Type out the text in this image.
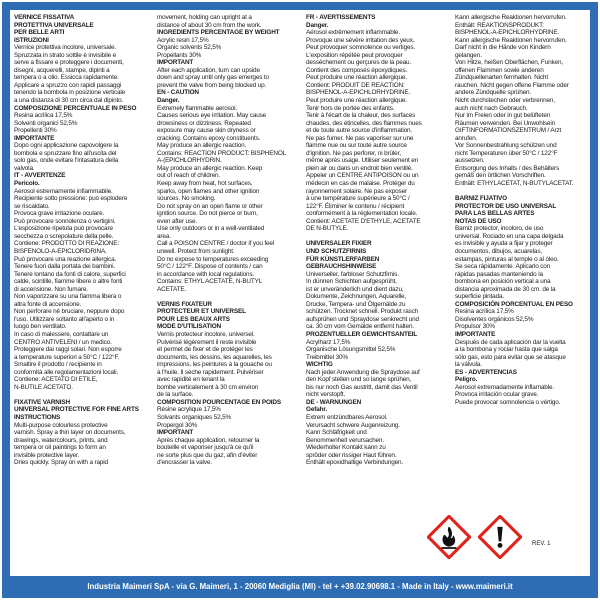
VERNICE FISSATIVA

PROTETTIVA UNIVERSALE

PER BELLE ARTI

ISTRUZIONI

Vernice protettiva incolore, universale.

Spruzzata in strato sottile è invisibile e

serve a fissare e proteggere i documenti,

disegni, acquerelli, stampe, dipinti a

tempera o a olio. Essicca rapidamente.

Applicare a spruzzo con rapidi passaggi

tenendo la bombola in posizione verticale

a una distanza di 30 cm circa dal dipinto.

COMPOSIZIONE PERCENTUALE IN PESO

Resina acrilica 17,5%

Solventi organici 52,5%

Propellenti 30%

IMPORTANTE

Dopo ogni applicazione capovolgere la

bombola e spruzzare fino all'uscita del

solo gas, onde evitare l'intasatura della

valvola.

IT - AVVERTENZE

Pericolo.

Aerosol estremamente infiammabile.

Recipiente sotto pressione: può esplodere

se riscaldato.

Provoca grave irritazione oculare.

Può provocare sonnolenza o vertigini.

L'esposizione ripetuta può provocare

secchezza o screpolature della pelle.

Contiene: PRODOTTO DI REAZIONE:

BISFENOLO-A-EPICLORIDRINA.

Può provocare una reazione allergica.

Tenere fuori dalla portata dei bambini.

Tenere lontano da fonti di calore, superfici

calde, scintille, fiamme libere o altre fonti

di accensione. Non fumare.

Non vaporizzare su una fiamma libera o

altra fonte di accensione.

Non perforare né bruciare, neppure dopo

l'uso. Utilizzare soltanto all'aperto o in

luogo ben ventilato.

In caso di malessere, contattare un

CENTRO ANTIVELENI / un medico.

Proteggere dai raggi solari. Non esporre

a temperature superiori a 50°C / 122°F.

Smaltire il prodotto / recipiente in

conformità alle regolamentazioni locali.

Contiene: ACETATO DI ETILE,

N-BUTILE ACETATO.

FIXATIVE VARNISH

UNIVERSAL PROTECTIVE FOR FINE ARTS

INSTRUCTIONS

Multi-purpose colourless protective

varnish. Spray a thin layer on documents,

drawings, watercolours, prints, and

tempera or oil paintings to form an

invisible protective layer.

Dries quickly. Spray on with a rapid

movement, holding can upright at a

distance of about 30 cm from the work.

INGREDIENTS PERCENTAGE BY WEIGHT

Acrylic resin 17,5%

Organic solvents 52,5%

Propellants 30%

IMPORTANT

After each application, turn can upside

down and spray until only gas emerges to

prevent the valve from being blocked up.

EN - CAUTION

Danger.

Extremely flammable aerosol.

Causes serious eye irritation. May cause

drowsiness or dizziness. Repeated

exposure may cause skin dryness or

cracking. Contains epoxy constituents.

May produce an allergic reaction.

Contains: REACTION PRODUCT: BISPHENOL

A-(EPICHLORHYDRIN.

May produce an allergic reaction. Keep

out of reach of children.

Keep away from heat, hot surfaces,

sparks, open flames and other ignition

sources. No smoking.

Do not spray on an open flame or other

ignition source. Do not pierce or burn,

even after use.

Use only outdoors or in a well-ventilated

area.

Call a POISON CENTRE / doctor if you feel

unwell. Protect from sunlight.

Do no expose to temperatures exceeding

50°C / 122°F. Dispose of contents / can

in accordance with local regulations.

Contains: ETHYL ACETATE, N-BUTYL

ACETATE.

VERNIS FIXATEUR

PROTECTEUR ET UNIVERSEL

POUR LES BEAUX ARTS

MODE D'UTILISATION

Vernis protecteur incolore, universel.

Pulvérisé légèrement il reste invisible

et permet de fixer et de protéger les

documents, les dessins, les aquarelles, les

impressions, les peintures à la gouache ou

à l'huile. Il sèche rapidement. Pulvériser

avec rapidité en tenant la

bombe verticalement à 30 cm environ

de la surface.

COMPOSITION POURCENTAGE EN POIDS

Résine acrylique 17,5%

Solvants organiques 52,5%

Propergol 30%

IMPORTANT

Après chaque application, retourner la

bouteille et vaporiser jusqu'à ce qu'il

ne sorte plus que du gaz, afin d'éviter

d'encrasser la valve.

FR - AVERTISSEMENTS

Danger.

Aérosol extrêmement inflammable.

Provoque une sévère irritation des yeux.

Peut provoquer somnolence ou vertiges.

L'exposition répétée peut provoquer

dessèchement ou gerçures de la peau.

Contient des composés époxydiques.

Peut produire une réaction allergique.

Contient: PRODUIT DE REACTION:

BISPHENOL-A-EPICHLORHYDRINE.

Peut produire une réaction allergique.

Tenir hors de portée des enfants.

Tenir à l'écart de la chaleur, des surfaces

chaudes, des étincelles, des flammes nues

et de toute autre source d'inflammation.

Ne pas fumer. Ne pas vaporiser sur une

flamme nue ou sur toute autre source

d'ignition. Ne pas perforer, ni brûler,

même après usage. Utiliser seulement en

plein air ou dans un endroit bien ventilé.

Appeler un CENTRE ANTIPOISON ou un

médecin en cas de malaise. Protéger du

rayonnement solaire. Ne pas exposer

à une température supérieure à 50°C /

122°F. Éliminer le contenu / récipient

conformément à la réglementation locale.

Contient: ACETATE D'ETHYLE, ACETATE

DE N-BUTYLE.

UNIVERSALER FIXIER

UND SCHUTZFIRNIS

FÜR KÜNSTLERFARBEN

GEBRAUCHSHINWEISE

Universeller, farbloser Schutzfirnis.

In dünnen Schichten aufgesprüht,

ist er unveränderlich und dient dazu,

Dokumente, Zeichnungen, Aquarelle,

Drucke, Tempera- und Ölgemälde zu

schützen. Trocknet schnell. Produkt rasch

aufsprühen und Spraydose senkrecht und

ca. 30 cm vom Gemälde entfernt halten.

PROZENTUELLER GEWICHTSANTEIL

Acrylharz 17,5%

Organische Lösungsmittel 52,5%

Treibmittel 30%

WICHTIG

Nach jeder Anwendung die Spraydose auf

den Kopf stellen und so lange sprühen,

bis nur noch Gas austritt, damit das Ventil

nicht verstopft.

DE - WARNUNGEN

Gefahr.

Extrem entzündbares Aerosol.

Verursacht schwere Augenreizung.

Kann Schläfrigkeit und

Benommenheit verursachen.

Wiederholter Kontakt kann zu

spröder oder rissiger Haut führen.

Enthält epoxidhaltige Verbindungen.

Kann allergische Reaktionen hervorrufen.

Enthält: REAKTIONSPRODUKT:

BISPHENOL-A-EPICHLORHYDRINE.

Kann allergische Reaktionen hervorrufen.

Darf nicht in die Hände von Kindern

gelangen.

Von Hitze, heißen Oberflächen, Funken,

offenen Flammen sowie anderen

Zündquellenarten fernhalten. Nicht

rauchen. Nicht gegen offene Flamme oder

andere Zündquelle sprühen.

Nicht durchstechen oder verbrennen,

auch nicht nach Gebrauch.

Nur im Freien oder in gut belüfteten

Räumen verwenden. Bei Unwohlsein

GIFTINFORMATIONSZENTRUM / Arzt

anrufen.

Vor Sonnenbestrahlung schützen und

nicht Temperaturen über 50°C / 122°F

aussetzen.

Entsorgung des Inhalts / des Behälters

gemäß den örtlichen Vorschriften.

Enthält: ETHYLACETAT, N-BUTYLACETAT.

BARNIZ FIJATIVO

PROTECTOR DE USO UNIVERSAL

PARA LAS BELLAS ARTES

NOTAS DE USO

Barniz protector, incoloro, de uso

universal. Rociado en una capa delgada

es invisible y ayuda a fijar y proteger

documentos, dibujos, acuarelas,

estampas, pinturas al temple o al óleo.

Se seca rápidamente. Aplicarlo con

rápidas pasadas manteniendo la

bombona en posición vertical a una

distancia aproximada de 30 cm. de la

superficie pintada.

COMPOSICIÓN PORCENTUAL EN PESO

Resina acrílica 17,5%

Disolventes orgánicos 52,5%

Propulsor 30%

IMPORTANTE

Después de cada aplicación dar la vuelta

a la bombona y rociar hasta que salga

sólo gas, esto para evitar que se atasque

la válvula.

ES - ADVERTENCIAS

Peligro.

Aerosol extremadamente inflamable.

Provoca irritación ocular grave.

Puede provocar somnolencia o vértigo.

REV. 1
Industria Maimeri SpA - via G. Maimeri, 1 - 20060 Mediglia (MI) - tel + +39.02.90698.1 - Made in Italy - www.maimeri.it
